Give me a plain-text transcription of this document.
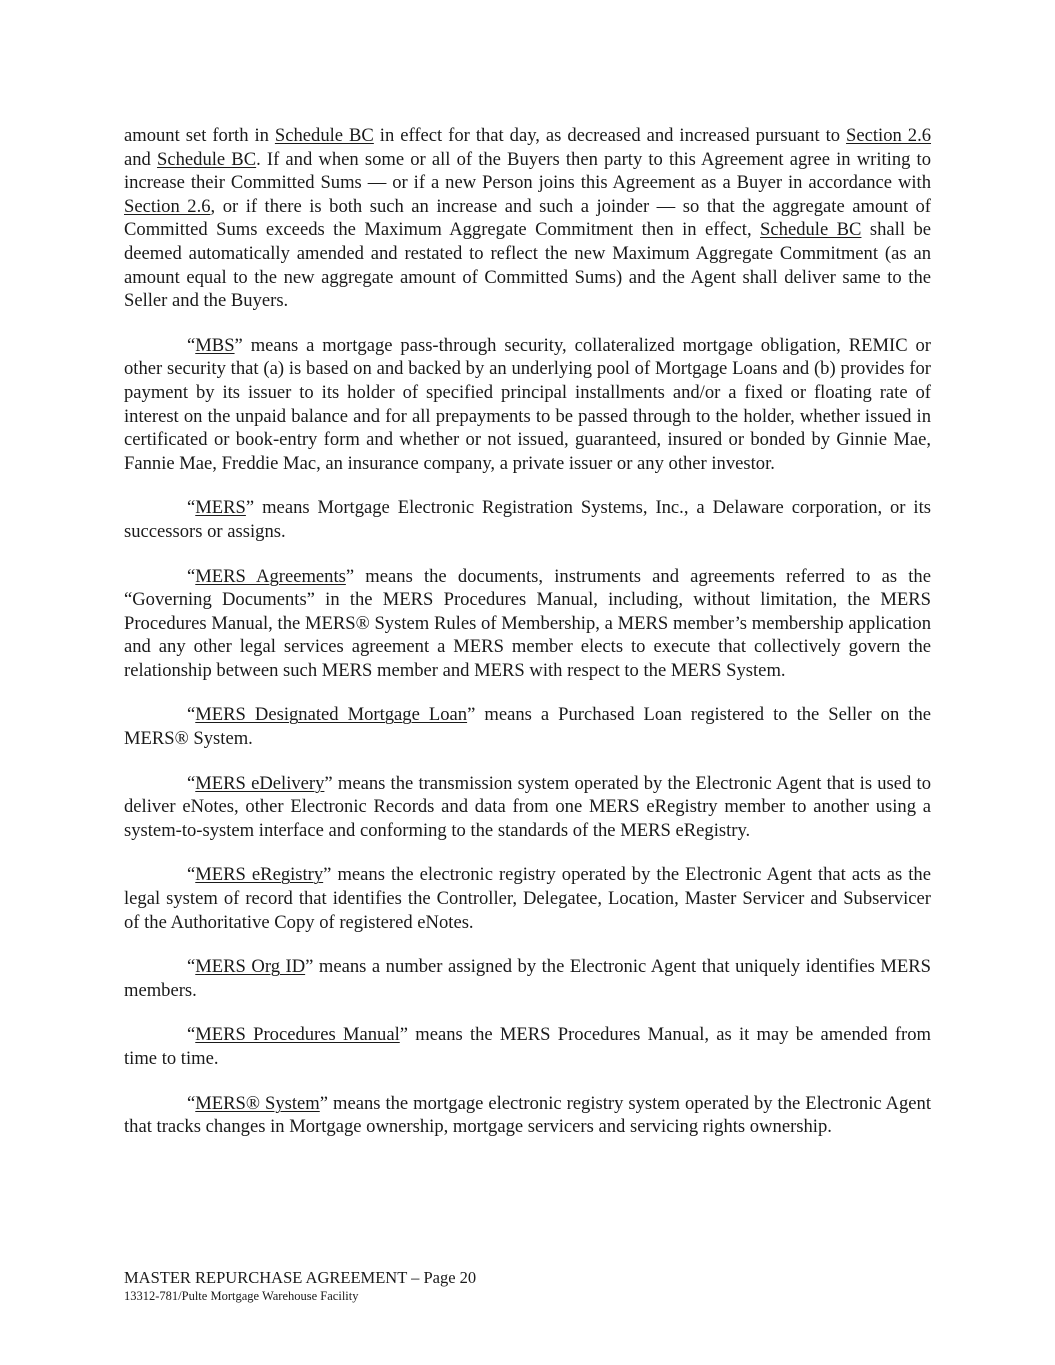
amount set forth in Schedule BC in effect for that day, as decreased and increased pursuant to Section 2.6 and Schedule BC. If and when some or all of the Buyers then party to this Agreement agree in writing to increase their Committed Sums — or if a new Person joins this Agreement as a Buyer in accordance with Section 2.6, or if there is both such an increase and such a joinder — so that the aggregate amount of Committed Sums exceeds the Maximum Aggregate Commitment then in effect, Schedule BC shall be deemed automatically amended and restated to reflect the new Maximum Aggregate Commitment (as an amount equal to the new aggregate amount of Committed Sums) and the Agent shall deliver same to the Seller and the Buyers.

“MBS” means a mortgage pass-through security, collateralized mortgage obligation, REMIC or other security that (a) is based on and backed by an underlying pool of Mortgage Loans and (b) provides for payment by its issuer to its holder of specified principal installments and/or a fixed or floating rate of interest on the unpaid balance and for all prepayments to be passed through to the holder, whether issued in certificated or book-entry form and whether or not issued, guaranteed, insured or bonded by Ginnie Mae, Fannie Mae, Freddie Mac, an insurance company, a private issuer or any other investor.

“MERS” means Mortgage Electronic Registration Systems, Inc., a Delaware corporation, or its successors or assigns.

“MERS Agreements” means the documents, instruments and agreements referred to as the “Governing Documents” in the MERS Procedures Manual, including, without limitation, the MERS Procedures Manual, the MERS® System Rules of Membership, a MERS member’s membership application and any other legal services agreement a MERS member elects to execute that collectively govern the relationship between such MERS member and MERS with respect to the MERS System.

“MERS Designated Mortgage Loan” means a Purchased Loan registered to the Seller on the MERS® System.

“MERS eDelivery” means the transmission system operated by the Electronic Agent that is used to deliver eNotes, other Electronic Records and data from one MERS eRegistry member to another using a system-to-system interface and conforming to the standards of the MERS eRegistry.

“MERS eRegistry” means the electronic registry operated by the Electronic Agent that acts as the legal system of record that identifies the Controller, Delegatee, Location, Master Servicer and Subservicer of the Authoritative Copy of registered eNotes.

“MERS Org ID” means a number assigned by the Electronic Agent that uniquely identifies MERS members.

“MERS Procedures Manual” means the MERS Procedures Manual, as it may be amended from time to time.

“MERS® System” means the mortgage electronic registry system operated by the Electronic Agent that tracks changes in Mortgage ownership, mortgage servicers and servicing rights ownership.

MASTER REPURCHASE AGREEMENT – Page 20
13312-781/Pulte Mortgage Warehouse Facility
